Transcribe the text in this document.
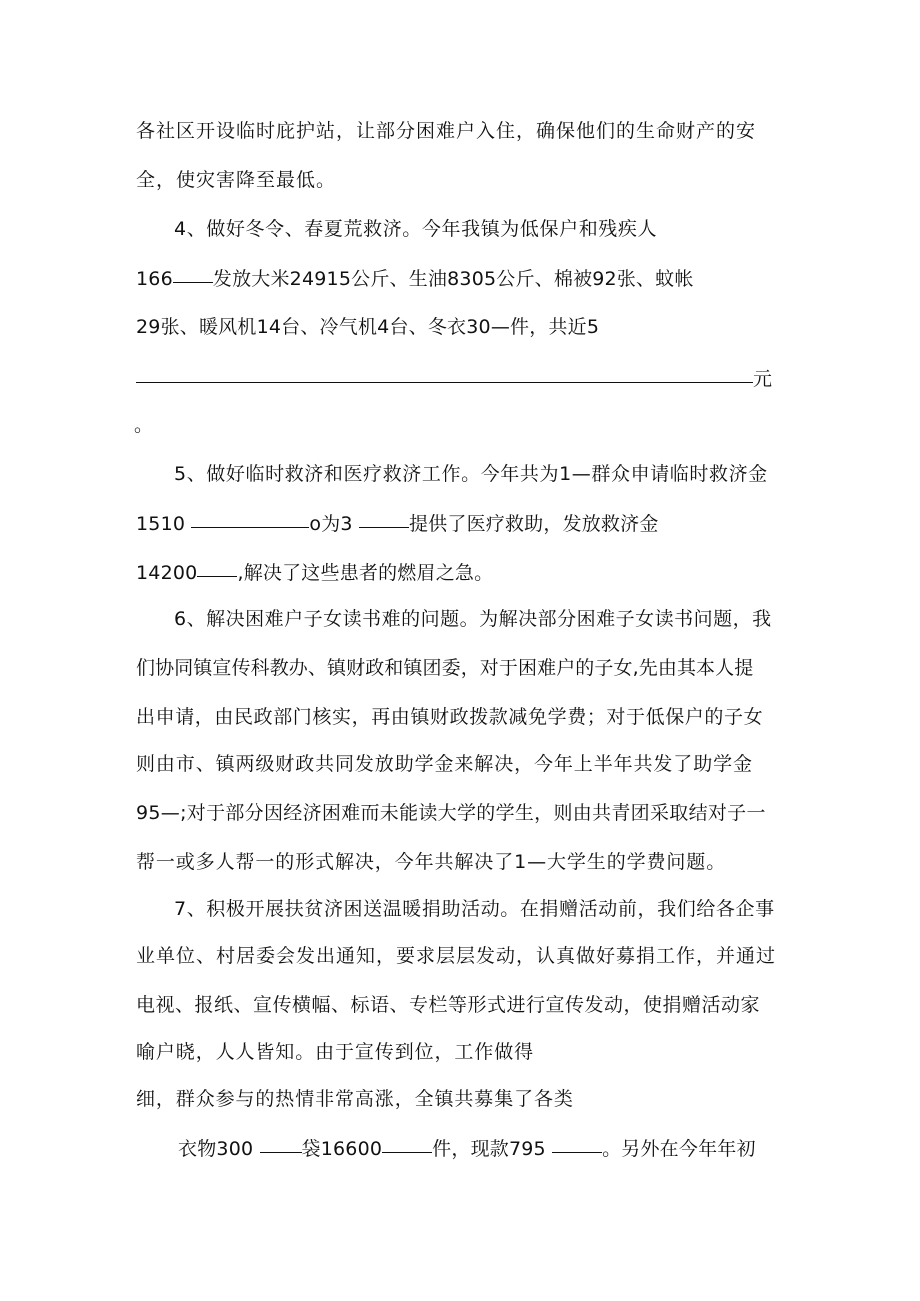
各社区开设临时庇护站，让部分困难户入住，确保他们的生命财产的安
全，使灾害降至最低。
4、做好冬令、春夏荒救济。今年我镇为低保户和残疾人
166 发放大米24915公斤、生油8305公斤、棉被92张、蚊帐
29张、暖风机14台、冷气机4台、冬衣30—件，共近5
元
。
5、做好临时救济和医疗救济工作。今年共为1—群众申请临时救济金
1510	o为3	提供了医疗救助，发放救济金
14200 ,解决了这些患者的燃眉之急。
6、解决困难户子女读书难的问题。为解决部分困难子女读书问题，我
们协同镇宣传科教办、镇财政和镇团委，对于困难户的子女,先由其本人提
出申请，由民政部门核实，再由镇财政拨款减免学费；对于低保户的子女
则由市、镇两级财政共同发放助学金来解决，今年上半年共发了助学金
95—;对于部分因经济困难而未能读大学的学生，则由共青团采取结对子一
帮一或多人帮一的形式解决，今年共解决了1—大学生的学费问题。
7、积极开展扶贫济困送温暖捐助活动。在捐赠活动前，我们给各企事
业单位、村居委会发出通知，要求层层发动，认真做好募捐工作，并通过
电视、报纸、宣传横幅、标语、专栏等形式进行宣传发动，使捐赠活动家
喻户晓，人人皆知。由于宣传到位，工作做得
细，群众参与的热情非常高涨，全镇共募集了各类
衣物300 袋16600	件，现款795	。另外在今年年初
